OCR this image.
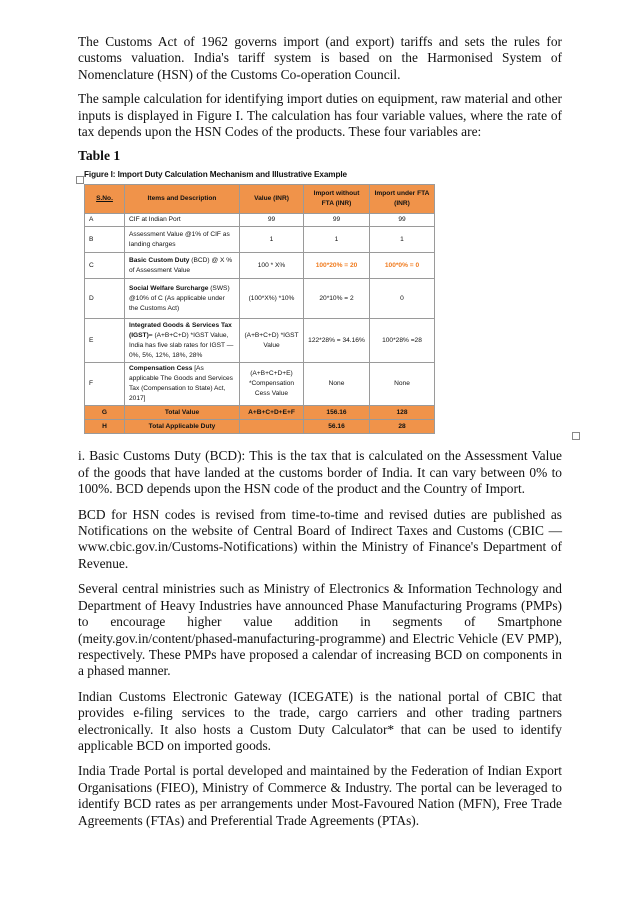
The Customs Act of 1962 governs import (and export) tariffs and sets the rules for customs valuation. India's tariff system is based on the Harmonised System of Nomenclature (HSN) of the Customs Co-operation Council.

The sample calculation for identifying import duties on equipment, raw material and other inputs is displayed in Figure I. The calculation has four variable values, where the rate of tax depends upon the HSN Codes of the products. These four variables are:

Table 1
Figure I: Import Duty Calculation Mechanism and Illustrative Example
S.No.	Items and Description	Value (INR)	Import without FTA (INR)	Import under FTA (INR)
A	CIF at Indian Port	99	99	99
B	Assessment Value @1% of CIF as landing charges	1	1	1
C	Basic Custom Duty (BCD) @ X % of Assessment Value	100 * X%	100*20% = 20	100*0% = 0
D	Social Welfare Surcharge (SWS) @10% of C (As applicable under the Customs Act)	(100*X%) *10%	20*10% = 2	0
E	Integrated Goods & Services Tax (IGST)= (A+B+C+D) *IGST Value, India has five slab rates for IGST — 0%, 5%, 12%, 18%, 28%	(A+B+C+D) *IGST Value	122*28% = 34.16%	100*28% =28
F	Compensation Cess [As applicable The Goods and Services Tax (Compensation to State) Act, 2017]	(A+B+C+D+E) *Compensation Cess Value	None	None
G	Total Value	A+B+C+D+E+F	156.16	128
H	Total Applicable Duty		56.16	28

i. Basic Customs Duty (BCD): This is the tax that is calculated on the Assessment Value of the goods that have landed at the customs border of India. It can vary between 0% to 100%. BCD depends upon the HSN code of the product and the Country of Import.

BCD for HSN codes is revised from time-to-time and revised duties are published as Notifications on the website of Central Board of Indirect Taxes and Customs (CBIC — www.cbic.gov.in/Customs-Notifications) within the Ministry of Finance's Department of Revenue.

Several central ministries such as Ministry of Electronics & Information Technology and Department of Heavy Industries have announced Phase Manufacturing Programs (PMPs) to encourage higher value addition in segments of Smartphone (meity.gov.in/content/phased-manufacturing-programme) and Electric Vehicle (EV PMP), respectively. These PMPs have proposed a calendar of increasing BCD on components in a phased manner.

Indian Customs Electronic Gateway (ICEGATE) is the national portal of CBIC that provides e-filing services to the trade, cargo carriers and other trading partners electronically. It also hosts a Custom Duty Calculator* that can be used to identify applicable BCD on imported goods.

India Trade Portal is portal developed and maintained by the Federation of Indian Export Organisations (FIEO), Ministry of Commerce & Industry. The portal can be leveraged to identify BCD rates as per arrangements under Most-Favoured Nation (MFN), Free Trade Agreements (FTAs) and Preferential Trade Agreements (PTAs).
